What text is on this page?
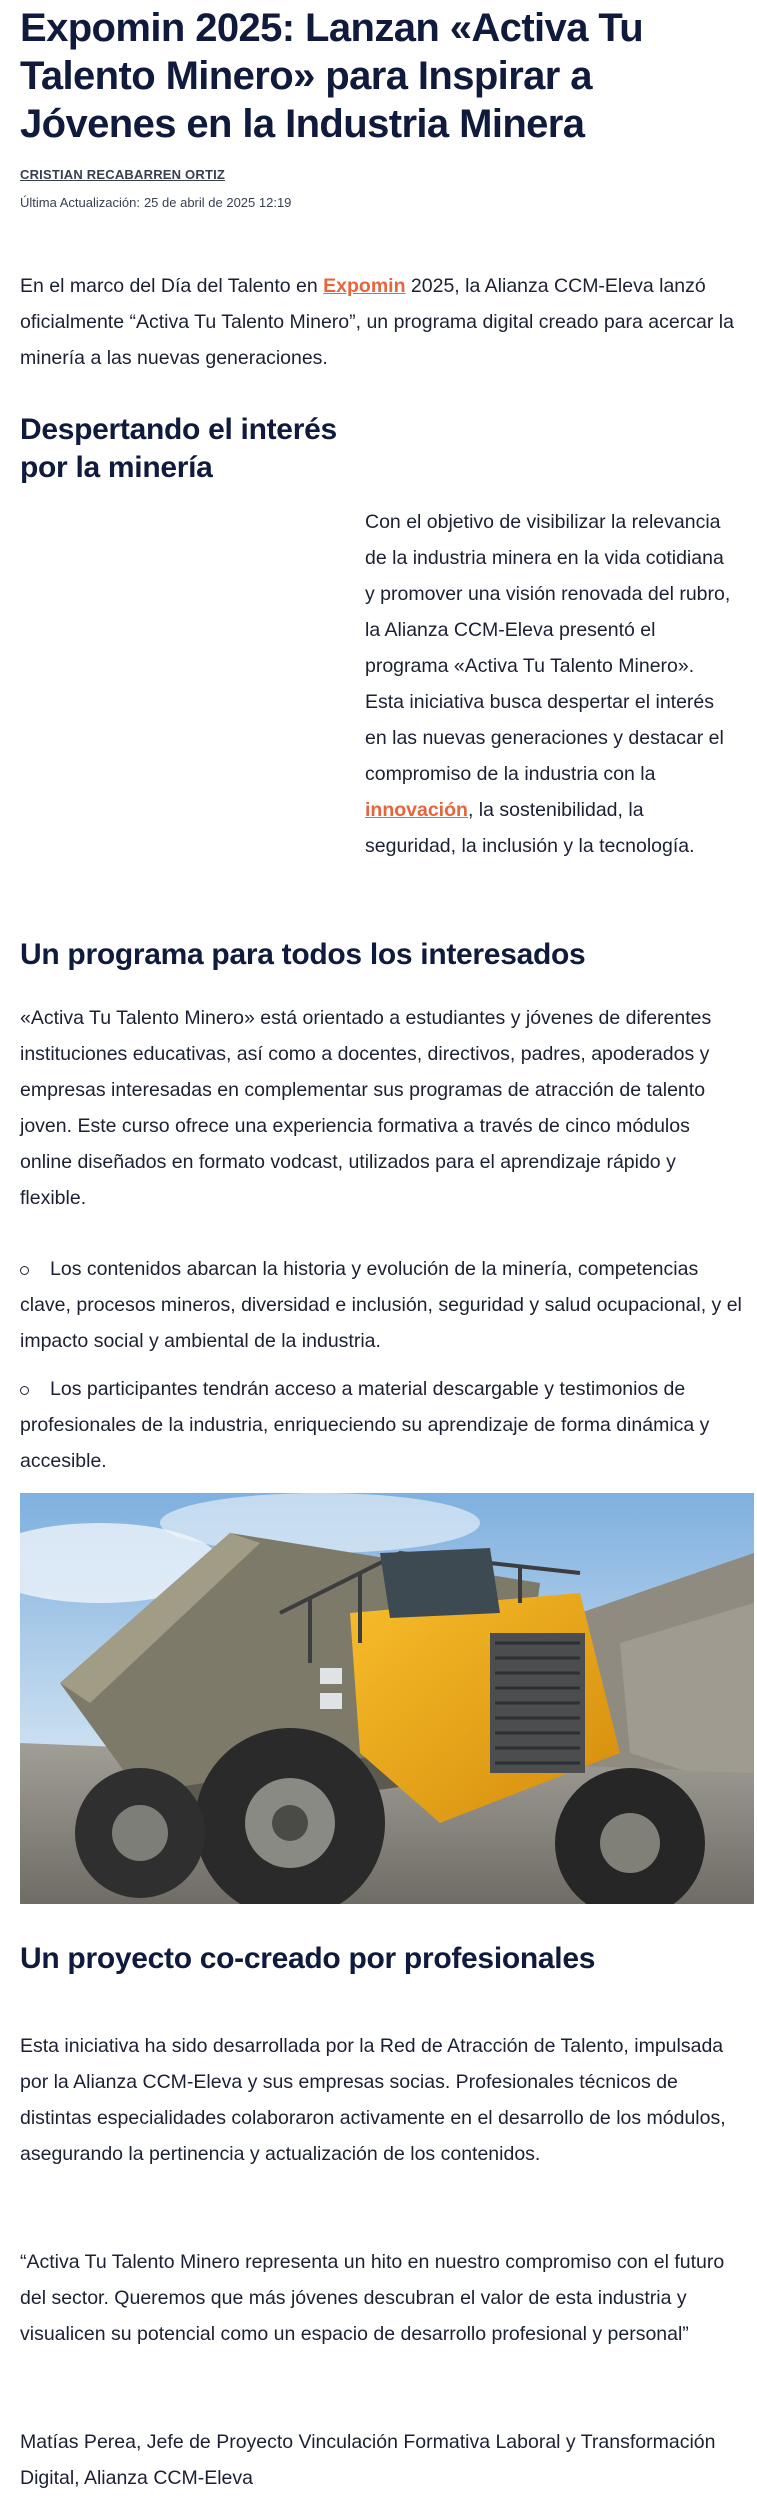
Expomin 2025: Lanzan «Activa Tu Talento Minero» para Inspirar a Jóvenes en la Industria Minera
CRISTIAN RECABARREN ORTIZ
Última Actualización: 25 de abril de 2025 12:19

En el marco del Día del Talento en Expomin 2025, la Alianza CCM-Eleva lanzó oficialmente “Activa Tu Talento Minero”, un programa digital creado para acercar la minería a las nuevas generaciones.

Despertando el interés por la minería
Con el objetivo de visibilizar la relevancia de la industria minera en la vida cotidiana y promover una visión renovada del rubro, la Alianza CCM-Eleva presentó el programa «Activa Tu Talento Minero». Esta iniciativa busca despertar el interés en las nuevas generaciones y destacar el compromiso de la industria con la innovación, la sostenibilidad, la seguridad, la inclusión y la tecnología.
Un programa para todos los interesados

«Activa Tu Talento Minero» está orientado a estudiantes y jóvenes de diferentes instituciones educativas, así como a docentes, directivos, padres, apoderados y empresas interesadas en complementar sus programas de atracción de talento joven. Este curso ofrece una experiencia formativa a través de cinco módulos online diseñados en formato vodcast, utilizados para el aprendizaje rápido y flexible.

Los contenidos abarcan la historia y evolución de la minería, competencias clave, procesos mineros, diversidad e inclusión, seguridad y salud ocupacional, y el impacto social y ambiental de la industria.
Los participantes tendrán acceso a material descargable y testimonios de profesionales de la industria, enriqueciendo su aprendizaje de forma dinámica y accesible.
Un proyecto co-creado por profesionales

Esta iniciativa ha sido desarrollada por la Red de Atracción de Talento, impulsada por la Alianza CCM-Eleva y sus empresas socias. Profesionales técnicos de distintas especialidades colaboraron activamente en el desarrollo de los módulos, asegurando la pertinencia y actualización de los contenidos.

“Activa Tu Talento Minero representa un hito en nuestro compromiso con el futuro del sector. Queremos que más jóvenes descubran el valor de esta industria y visualicen su potencial como un espacio de desarrollo profesional y personal”

Matías Perea, Jefe de Proyecto Vinculación Formativa Laboral y Transformación Digital, Alianza CCM-Eleva
